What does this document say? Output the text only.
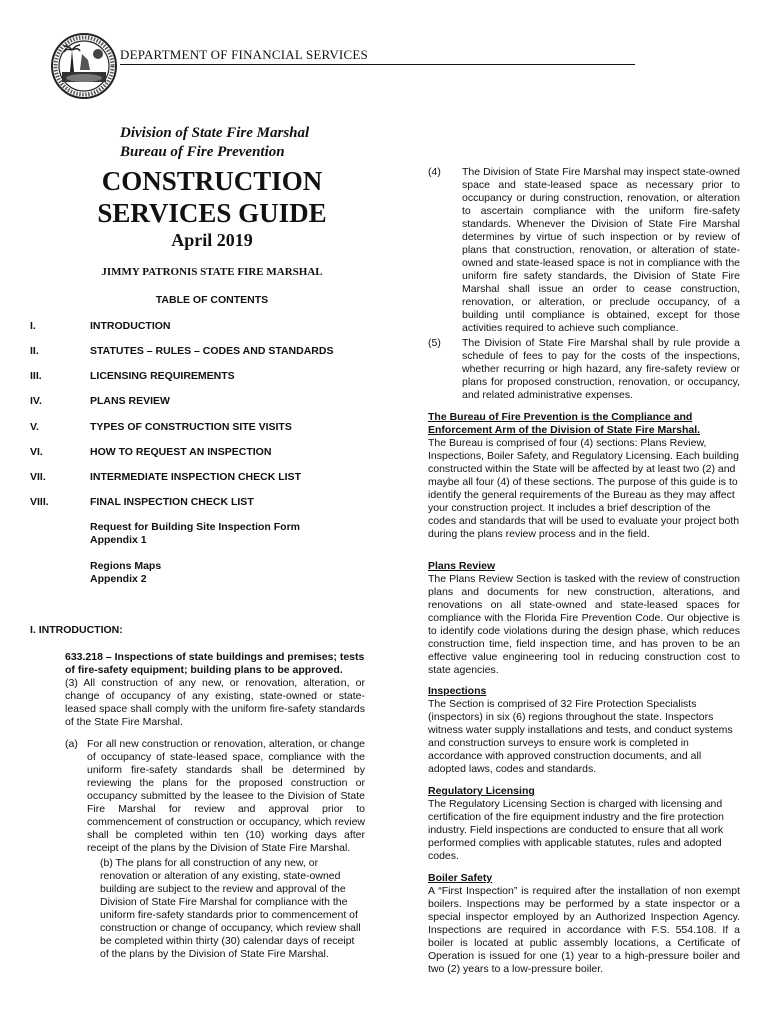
DEPARTMENT OF FINANCIAL SERVICES
Division of State Fire Marshal
Bureau of Fire Prevention
CONSTRUCTION
SERVICES GUIDE
April 2019
JIMMY PATRONIS STATE FIRE MARSHAL
TABLE OF CONTENTS
I.	INTRODUCTION
II.	STATUTES – RULES – CODES AND STANDARDS
III.	LICENSING REQUIREMENTS
IV.	PLANS REVIEW
V.	TYPES OF CONSTRUCTION SITE VISITS
VI.	HOW TO REQUEST AN INSPECTION
VII.	INTERMEDIATE INSPECTION CHECK LIST
VIII.	FINAL INSPECTION CHECK LIST
Request for Building Site Inspection Form
Appendix 1
Regions Maps
Appendix 2
I. INTRODUCTION:
633.218 – Inspections of state buildings and premises; tests of fire-safety equipment; building plans to be approved.
(3) All construction of any new, or renovation, alteration, or change of occupancy of any existing, state-owned or state-leased space shall comply with the uniform fire-safety standards of the State Fire Marshal.
(a) For all new construction or renovation, alteration, or change of occupancy of state-leased space, compliance with the uniform fire-safety standards shall be determined by reviewing the plans for the proposed construction or occupancy submitted by the leasee to the Division of State Fire Marshal for review and approval prior to commencement of construction or occupancy, which review shall be completed within ten (10) working days after receipt of the plans by the Division of State Fire Marshal.
(b) The plans for all construction of any new, or renovation or alteration of any existing, state-owned building are subject to the review and approval of the Division of State Fire Marshal for compliance with the uniform fire-safety standards prior to commencement of construction or change of occupancy, which review shall be completed within thirty (30) calendar days of receipt of the plans by the Division of State Fire Marshal.
(4)	The Division of State Fire Marshal may inspect state-owned space and state-leased space as necessary prior to occupancy or during construction, renovation, or alteration to ascertain compliance with the uniform fire-safety standards. Whenever the Division of State Fire Marshal determines by virtue of such inspection or by review of plans that construction, renovation, or alteration of state-owned and state-leased space is not in compliance with the uniform fire safety standards, the Division of State Fire Marshal shall issue an order to cease construction, renovation, or alteration, or preclude occupancy, of a building until compliance is obtained, except for those activities required to achieve such compliance.
(5)	The Division of State Fire Marshal shall by rule provide a schedule of fees to pay for the costs of the inspections, whether recurring or high hazard, any fire-safety review or plans for proposed construction, renovation, or occupancy, and related administrative expenses.
The Bureau of Fire Prevention is the Compliance and Enforcement Arm of the Division of State Fire Marshal.
The Bureau is comprised of four (4) sections: Plans Review, Inspections, Boiler Safety, and Regulatory Licensing. Each building constructed within the State will be affected by at least two (2) and maybe all four (4) of these sections. The purpose of this guide is to identify the general requirements of the Bureau as they may affect your construction project. It includes a brief description of the codes and standards that will be used to evaluate your project both during the plans review process and in the field.
Plans Review
The Plans Review Section is tasked with the review of construction plans and documents for new construction, alterations, and renovations on all state-owned and state-leased spaces for compliance with the Florida Fire Prevention Code. Our objective is to identify code violations during the design phase, which reduces construction time, field inspection time, and has proven to be an effective value engineering tool in reducing construction cost to state agencies.
Inspections
The Section is comprised of 32 Fire Protection Specialists (inspectors) in six (6) regions throughout the state. Inspectors witness water supply installations and tests, and conduct systems and construction surveys to ensure work is completed in accordance with approved construction documents, and all adopted laws, codes and standards.
Regulatory Licensing
The Regulatory Licensing Section is charged with licensing and certification of the fire equipment industry and the fire protection industry. Field inspections are conducted to ensure that all work performed complies with applicable statutes, rules and adopted codes.
Boiler Safety
A “First Inspection” is required after the installation of non exempt boilers. Inspections may be performed by a state inspector or a special inspector employed by an Authorized Inspection Agency. Inspections are required in accordance with F.S. 554.108. If a boiler is located at public assembly locations, a Certificate of Operation is issued for one (1) year to a high-pressure boiler and two (2) years to a low-pressure boiler.
